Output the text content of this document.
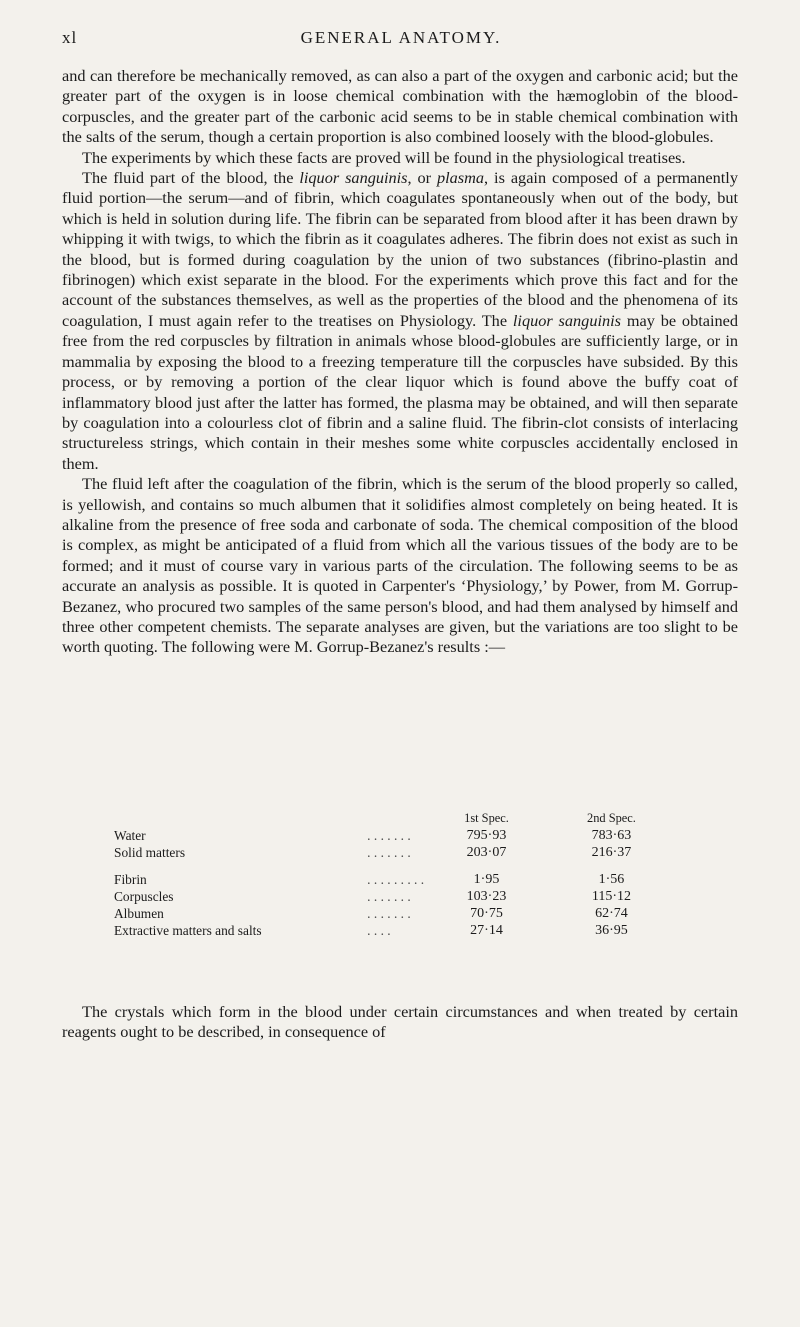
xl	GENERAL ANATOMY.

and can therefore be mechanically removed, as can also a part of the oxygen and carbonic acid; but the greater part of the oxygen is in loose chemical combination with the hæmoglobin of the blood-corpuscles, and the greater part of the carbonic acid seems to be in stable chemical combination with the salts of the serum, though a certain proportion is also combined loosely with the blood-globules.

The experiments by which these facts are proved will be found in the physiological treatises.

The fluid part of the blood, the liquor sanguinis, or plasma, is again composed of a permanently fluid portion—the serum—and of fibrin, which coagulates spontaneously when out of the body, but which is held in solution during life. The fibrin can be separated from blood after it has been drawn by whipping it with twigs, to which the fibrin as it coagulates adheres. The fibrin does not exist as such in the blood, but is formed during coagulation by the union of two substances (fibrino-plastin and fibrinogen) which exist separate in the blood. For the experiments which prove this fact and for the account of the substances themselves, as well as the properties of the blood and the phenomena of its coagulation, I must again refer to the treatises on Physiology. The liquor sanguinis may be obtained free from the red corpuscles by filtration in animals whose blood-globules are sufficiently large, or in mammalia by exposing the blood to a freezing temperature till the corpuscles have subsided. By this process, or by removing a portion of the clear liquor which is found above the buffy coat of inflammatory blood just after the latter has formed, the plasma may be obtained, and will then separate by coagulation into a colourless clot of fibrin and a saline fluid. The fibrin-clot consists of interlacing structureless strings, which contain in their meshes some white corpuscles accidentally enclosed in them.

The fluid left after the coagulation of the fibrin, which is the serum of the blood properly so called, is yellowish, and contains so much albumen that it solidifies almost completely on being heated. It is alkaline from the presence of free soda and carbonate of soda. The chemical composition of the blood is complex, as might be anticipated of a fluid from which all the various tissues of the body are to be formed; and it must of course vary in various parts of the circulation. The following seems to be as accurate an analysis as possible. It is quoted in Carpenter's ‘Physiology,’ by Power, from M. Gorrup-Bezanez, who procured two samples of the same person's blood, and had them analysed by himself and three other competent chemists. The separate analyses are given, but the variations are too slight to be worth quoting. The following were M. Gorrup-Bezanez's results :—

		1st Spec.	2nd Spec.
Water	. . . . . . .	795·93	783·63
Solid matters	. . . . . . .	203·07	216·37

Fibrin	. . . . . . . . .	1·95	1·56
Corpuscles	. . . . . . .	103·23	115·12
Albumen	. . . . . . .	70·75	62·74
Extractive matters and salts	. . . .	27·14	36·95

The crystals which form in the blood under certain circumstances and when treated by certain reagents ought to be described, in consequence of
